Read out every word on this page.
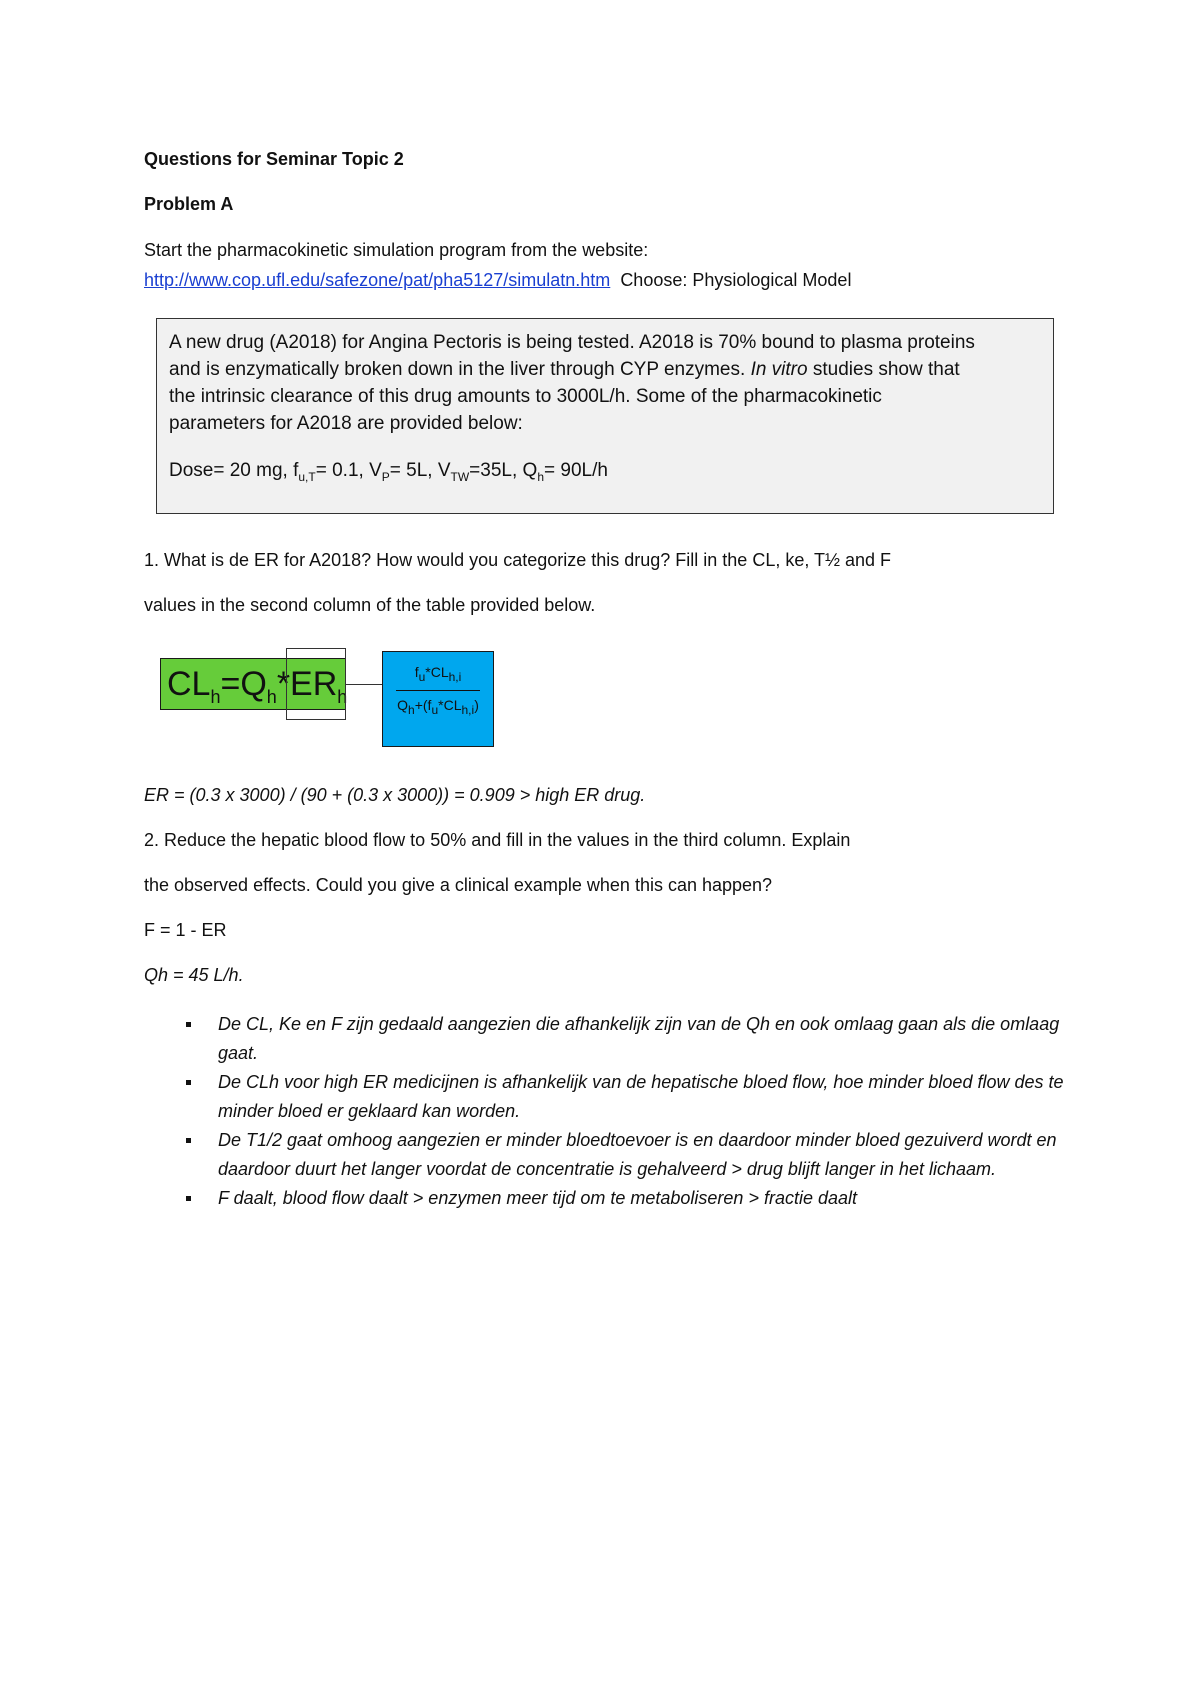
Questions for Seminar Topic 2
Problem A
Start the pharmacokinetic simulation program from the website:
http://www.cop.ufl.edu/safezone/pat/pha5127/simulatn.htm Choose: Physiological Model

A new drug (A2018) for Angina Pectoris is being tested. A2018 is 70% bound to plasma proteins

and is enzymatically broken down in the liver through CYP enzymes. In vitro studies show that

the intrinsic clearance of this drug amounts to 3000L/h. Some of the pharmacokinetic

parameters for A2018 are provided below:

Dose= 20 mg, $f_{u,T}= 0.1$, $V_P= 5L$, $V_{TW}=35L$, $Q_h= 90L/h$

1. What is de ER for A2018? How would you categorize this drug? Fill in the CL, ke, T½ and F
values in the second column of the table provided below.
$CL_h=Q_h*ER_h$
$f_u*CL_{h,i}$
$Q_h+(f_u*CL_{h,i})$
ER = (0.3 x 3000) / (90 + (0.3 x 3000)) = 0.909 > high ER drug.
2. Reduce the hepatic blood flow to 50% and fill in the values in the third column. Explain
the observed effects. Could you give a clinical example when this can happen?
F = 1 - ER
Qh = 45 L/h.
De CL, Ke en F zijn gedaald aangezien die afhankelijk zijn van de Qh en ook omlaag gaan als die omlaag gaat.
De CLh voor high ER medicijnen is afhankelijk van de hepatische bloed flow, hoe minder bloed flow des te minder bloed er geklaard kan worden.
De T1/2 gaat omhoog aangezien er minder bloedtoevoer is en daardoor minder bloed gezuiverd wordt en daardoor duurt het langer voordat de concentratie is gehalveerd > drug blijft langer in het lichaam.
F daalt, blood flow daalt > enzymen meer tijd om te metaboliseren > fractie daalt
